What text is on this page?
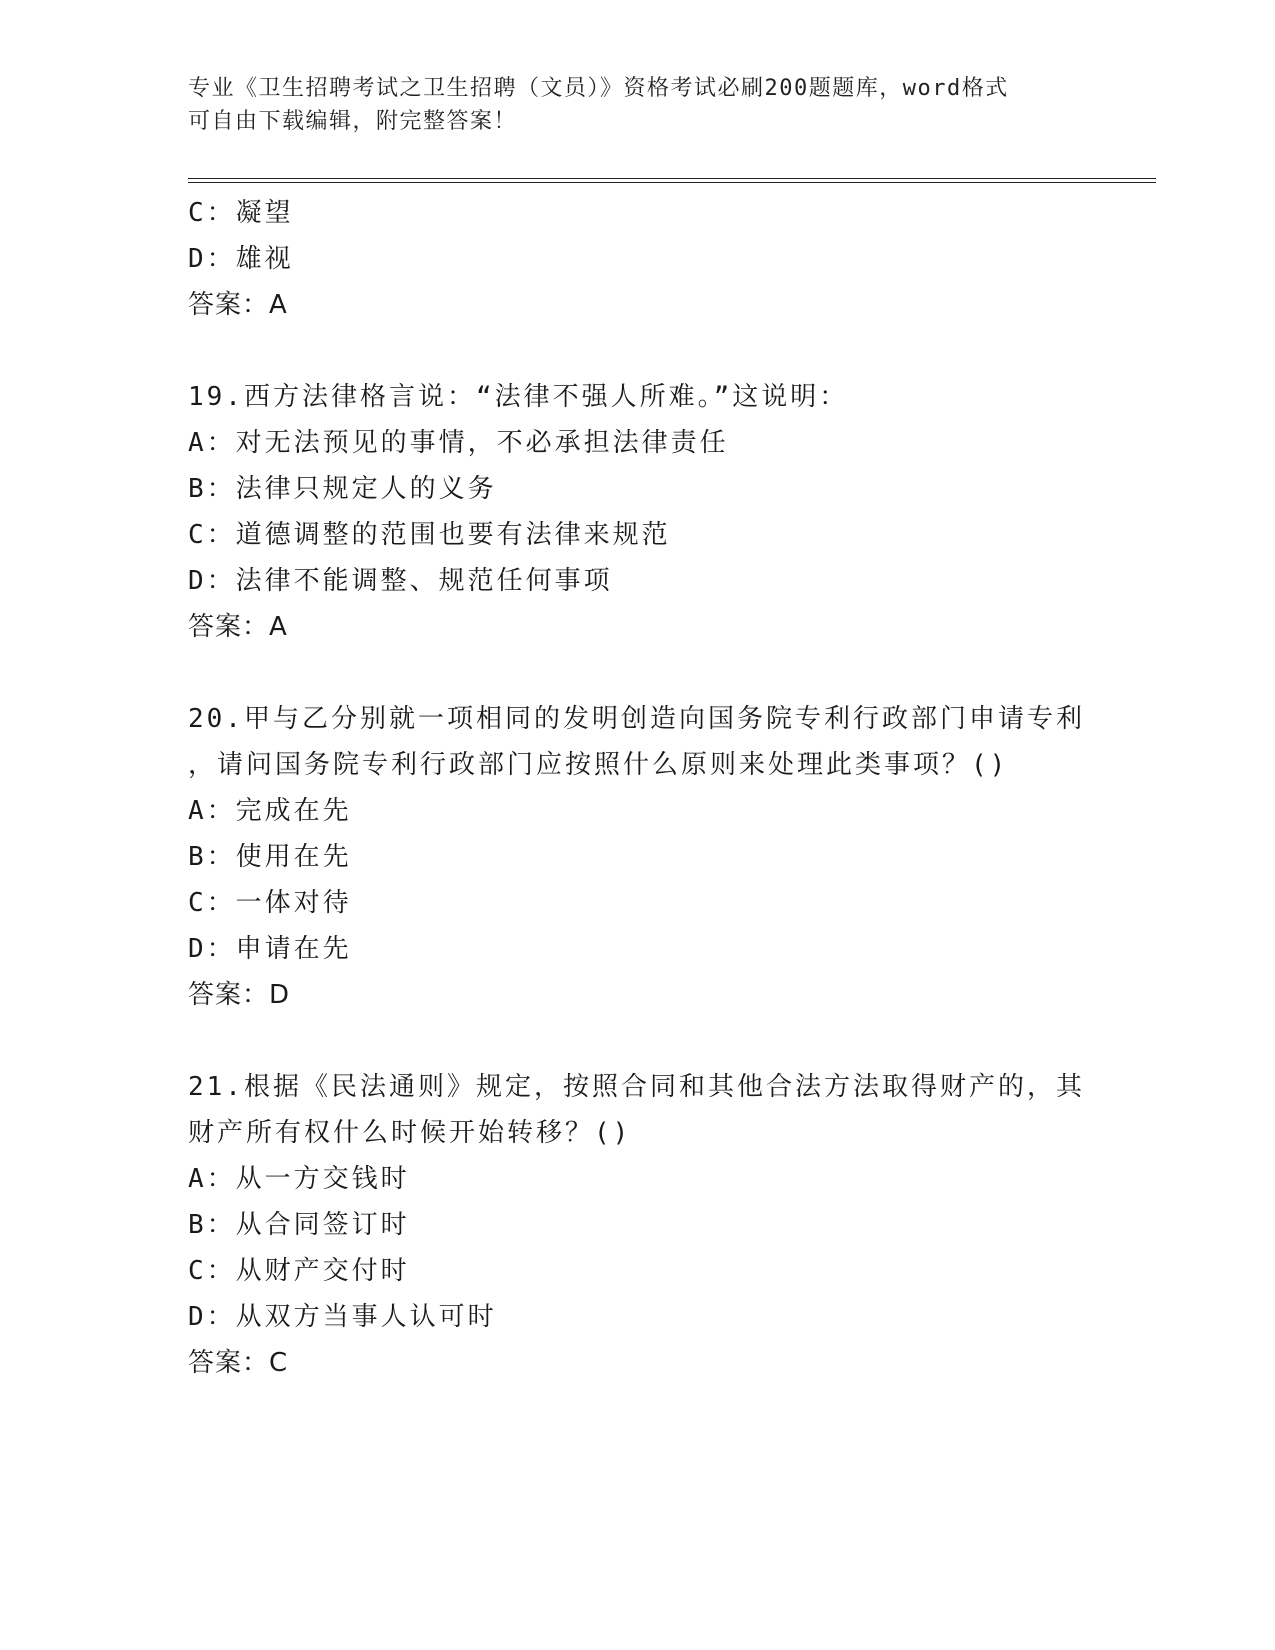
专业《卫生招聘考试之卫生招聘（文员）》资格考试必刷200题题库，word格式
可自由下载编辑，附完整答案！
C：凝望
D：雄视
答案：A
19.西方法律格言说：“法律不强人所难。”这说明：
A：对无法预见的事情，不必承担法律责任
B：法律只规定人的义务
C：道德调整的范围也要有法律来规范
D：法律不能调整、规范任何事项
答案：A
20.甲与乙分别就一项相同的发明创造向国务院专利行政部门申请专利
，请问国务院专利行政部门应按照什么原则来处理此类事项？()
A：完成在先
B：使用在先
C：一体对待
D：申请在先
答案：D
21.根据《民法通则》规定，按照合同和其他合法方法取得财产的，其
财产所有权什么时候开始转移？()
A：从一方交钱时
B：从合同签订时
C：从财产交付时
D：从双方当事人认可时
答案：C
